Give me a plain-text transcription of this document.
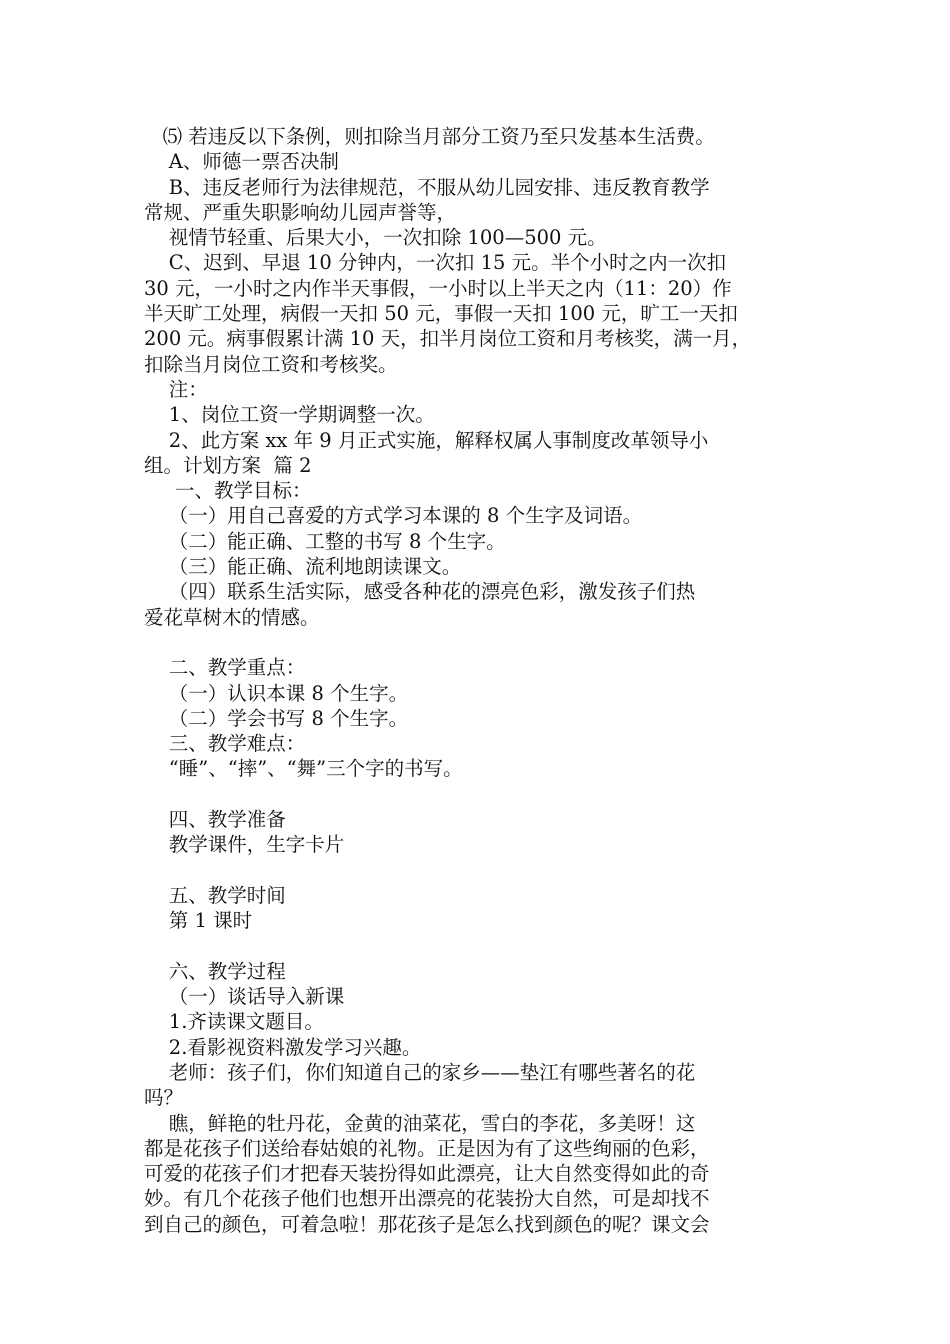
⑸ 若违反以下条例，则扣除当月部分工资乃至只发基本生活费。
A、师德一票否决制
B、违反老师行为法律规范，不服从幼儿园安排、违反教育教学
常规、严重失职影响幼儿园声誉等，
视情节轻重、后果大小，一次扣除 100—500 元。
C、迟到、早退 10 分钟内，一次扣 15 元。半个小时之内一次扣
30 元，一小时之内作半天事假，一小时以上半天之内（11：20）作
半天旷工处理，病假一天扣 50 元，事假一天扣 100 元，旷工一天扣
200 元。病事假累计满 10 天，扣半月岗位工资和月考核奖，满一月，
扣除当月岗位工资和考核奖。
注：
1、岗位工资一学期调整一次。
2、此方案 xx 年 9 月正式实施，解释权属人事制度改革领导小
组。计划方案  篇 2
一、教学目标：
（一）用自己喜爱的方式学习本课的 8 个生字及词语。
（二）能正确、工整的书写 8 个生字。
（三）能正确、流利地朗读课文。
（四）联系生活实际，感受各种花的漂亮色彩，激发孩子们热
爱花草树木的情感。
二、教学重点：
（一）认识本课 8 个生字。
（二）学会书写 8 个生字。
三、教学难点：
“睡”、“摔”、“舞”三个字的书写。
四、教学准备
教学课件，生字卡片
五、教学时间
第 1 课时
六、教学过程
（一）谈话导入新课
1.齐读课文题目。
2.看影视资料激发学习兴趣。
老师：孩子们，你们知道自己的家乡——垫江有哪些著名的花
吗？
瞧，鲜艳的牡丹花，金黄的油菜花，雪白的李花，多美呀！这
都是花孩子们送给春姑娘的礼物。正是因为有了这些绚丽的色彩，
可爱的花孩子们才把春天装扮得如此漂亮，让大自然变得如此的奇
妙。有几个花孩子他们也想开出漂亮的花装扮大自然，可是却找不
到自己的颜色，可着急啦！那花孩子是怎么找到颜色的呢？课文会
